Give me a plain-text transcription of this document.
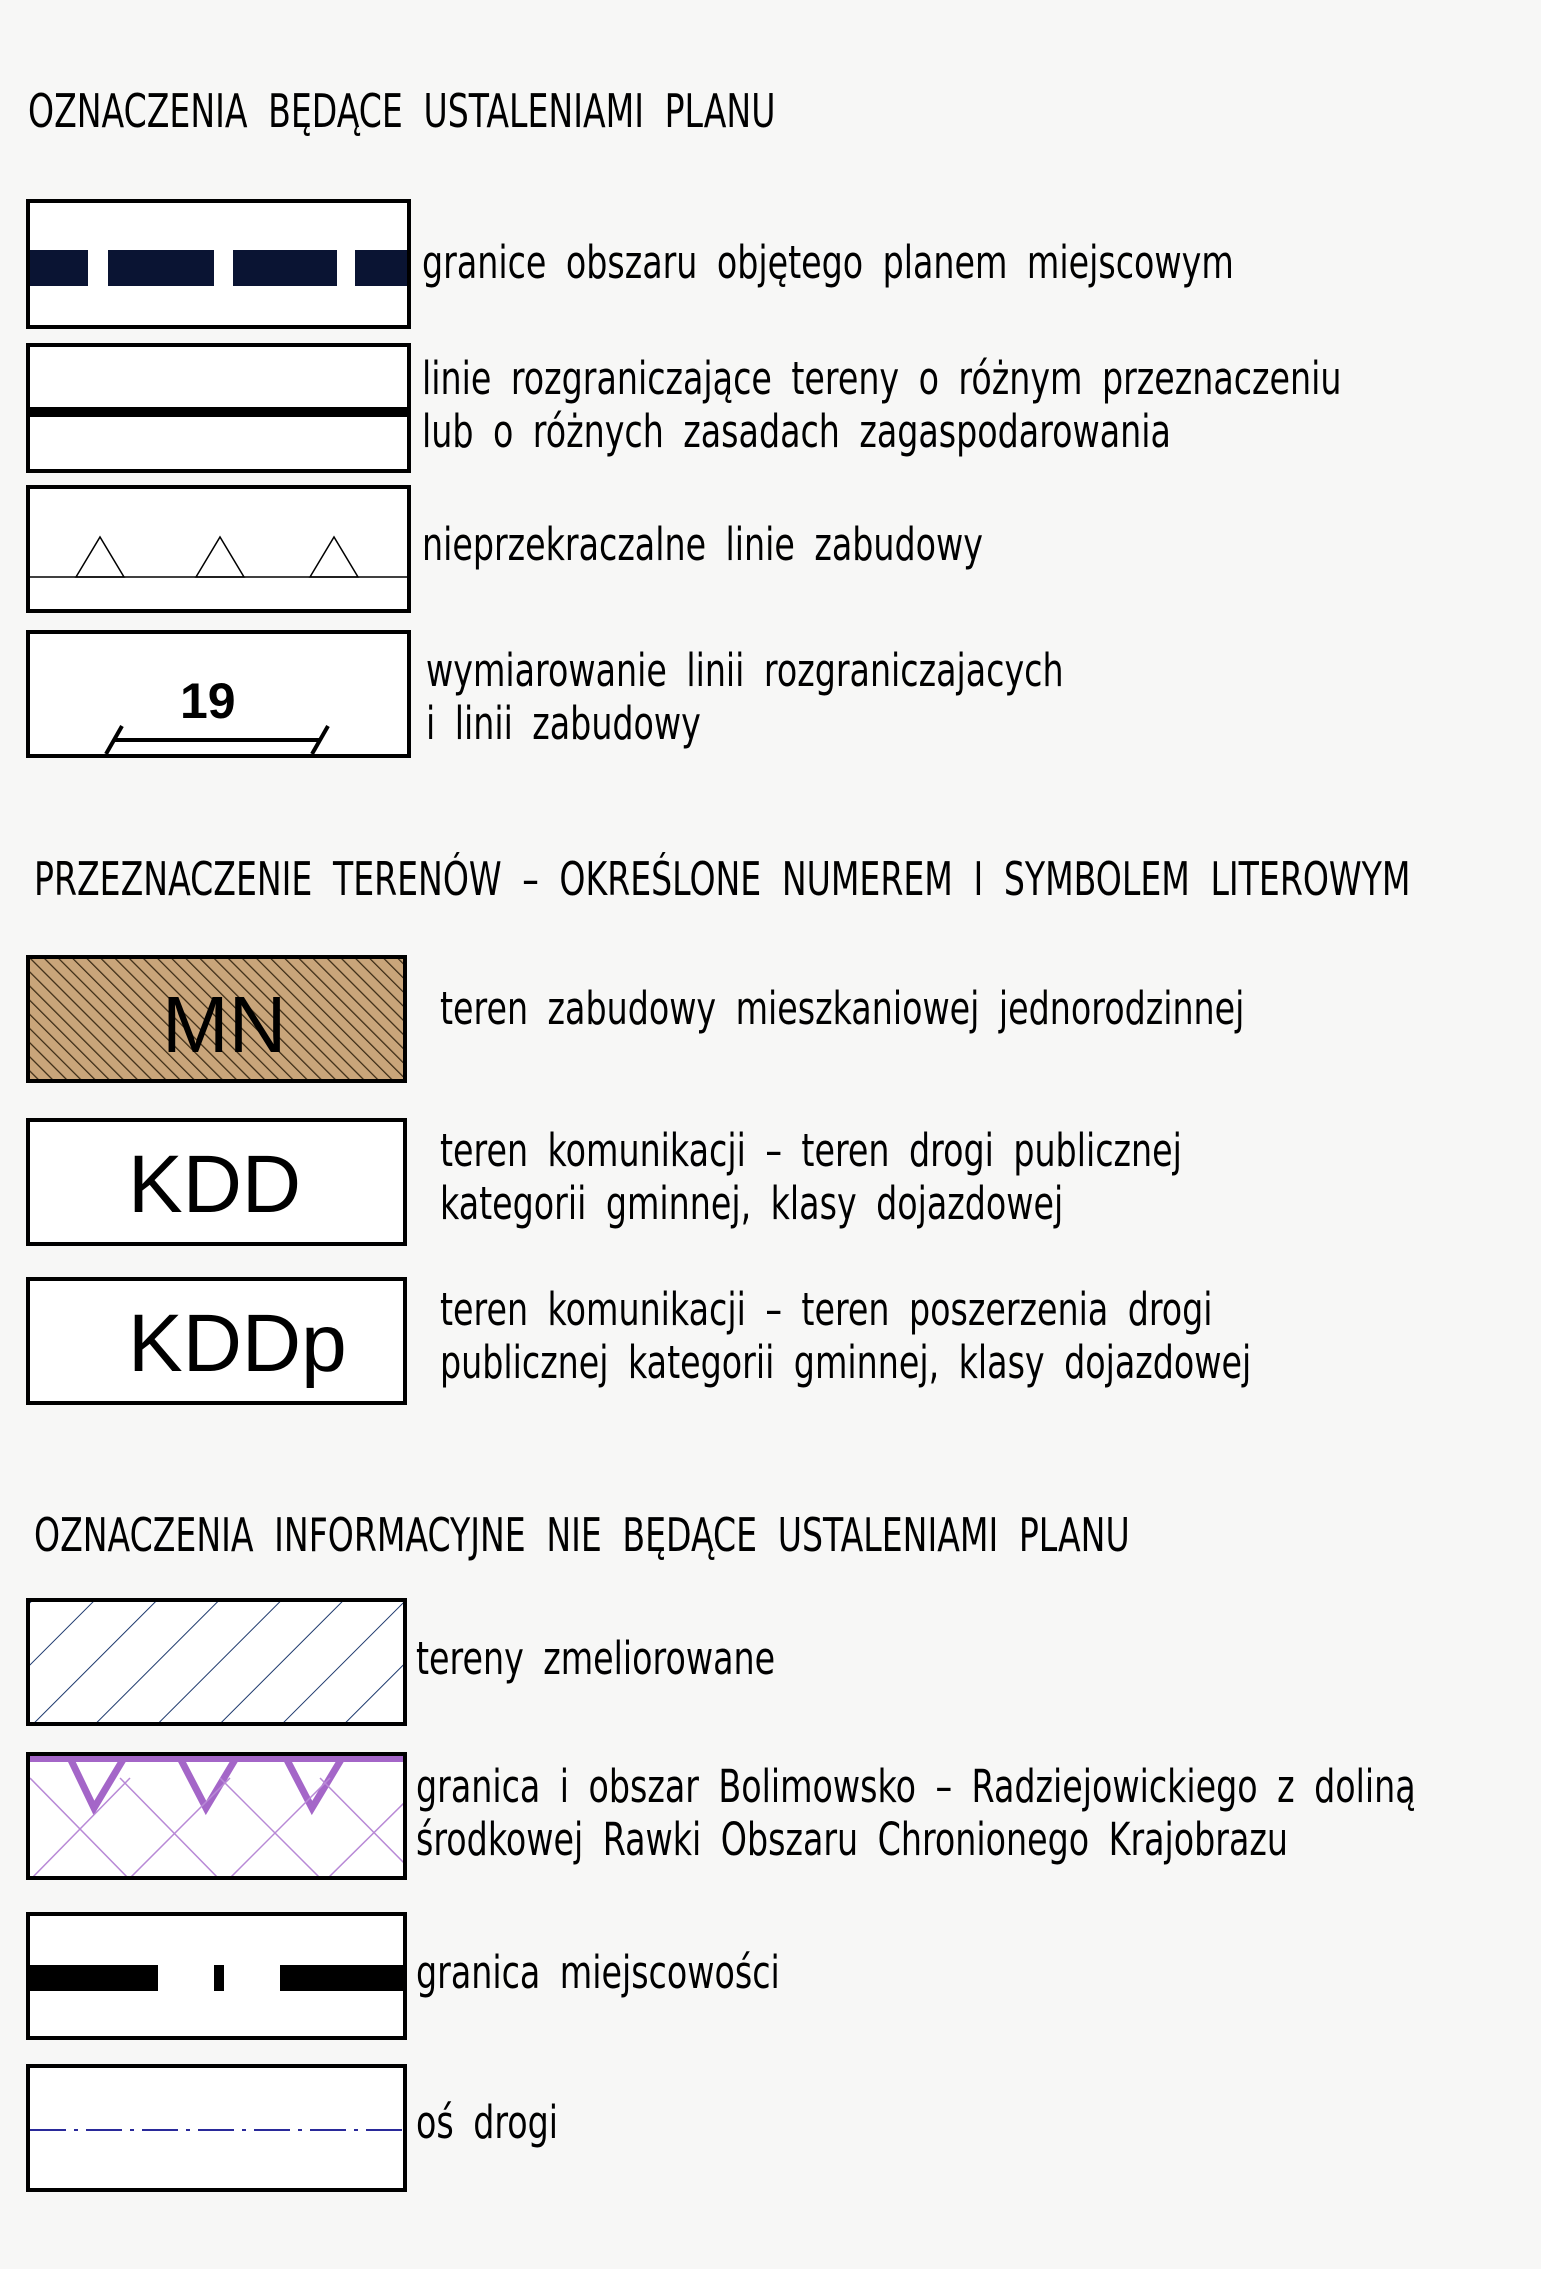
OZNACZENIA BĘDĄCE USTALENIAMI PLANU
granice obszaru objętego planem miejscowym
linie rozgraniczające tereny o różnym przeznaczeniu
lub o różnych zasadach zagaspodarowania
nieprzekraczalne linie zabudowy
19
wymiarowanie linii rozgraniczajacych
i linii zabudowy
PRZEZNACZENIE TERENÓW – OKREŚLONE NUMEREM I SYMBOLEM LITEROWYM
MN	teren zabudowy mieszkaniowej jednorodzinnej
KDD	teren komunikacji – teren drogi publicznej
kategorii gminnej, klasy dojazdowej
KDDp teren komunikacji – teren poszerzenia drogi
publicznej kategorii gminnej, klasy dojazdowej
OZNACZENIA INFORMACYJNE NIE BĘDĄCE USTALENIAMI PLANU
tereny zmeliorowane
granica i obszar Bolimowsko – Radziejowickiego z doliną
środkowej Rawki Obszaru Chronionego Krajobrazu
granica miejscowości
oś drogi
